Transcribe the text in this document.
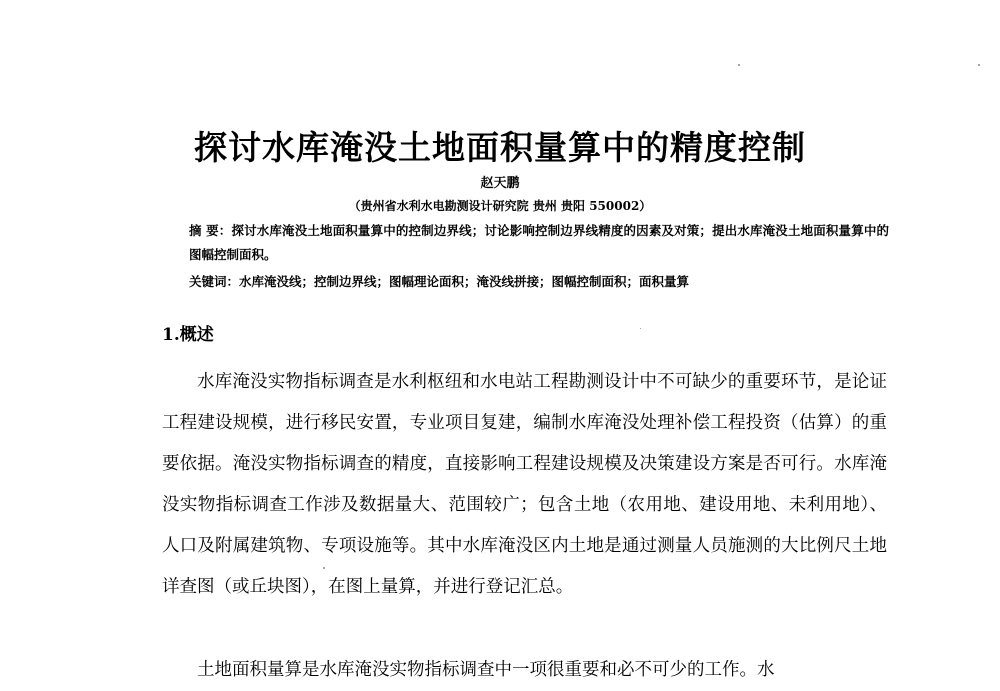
探讨水库淹没土地面积量算中的精度控制
赵天鹏
（贵州省水利水电勘测设计研究院 贵州 贵阳 550002）
摘 要：探讨水库淹没土地面积量算中的控制边界线；讨论影响控制边界线精度的因素及对策；提出水库淹没土地面积量算中的图幅控制面积。
关键词：水库淹没线；控制边界线；图幅理论面积；淹没线拼接；图幅控制面积；面积量算
1.概述

水库淹没实物指标调查是水利枢纽和水电站工程勘测设计中不可缺少的重要环节，是论证工程建设规模，进行移民安置，专业项目复建，编制水库淹没处理补偿工程投资（估算）的重要依据。淹没实物指标调查的精度，直接影响工程建设规模及决策建设方案是否可行。水库淹没实物指标调查工作涉及数据量大、范围较广；包含土地（农用地、建设用地、未利用地）、人口及附属建筑物、专项设施等。其中水库淹没区内土地是通过测量人员施测的大比例尺土地详查图（或丘块图），在图上量算，并进行登记汇总。

土地面积量算是水库淹没实物指标调查中一项很重要和必不可少的工作。水
